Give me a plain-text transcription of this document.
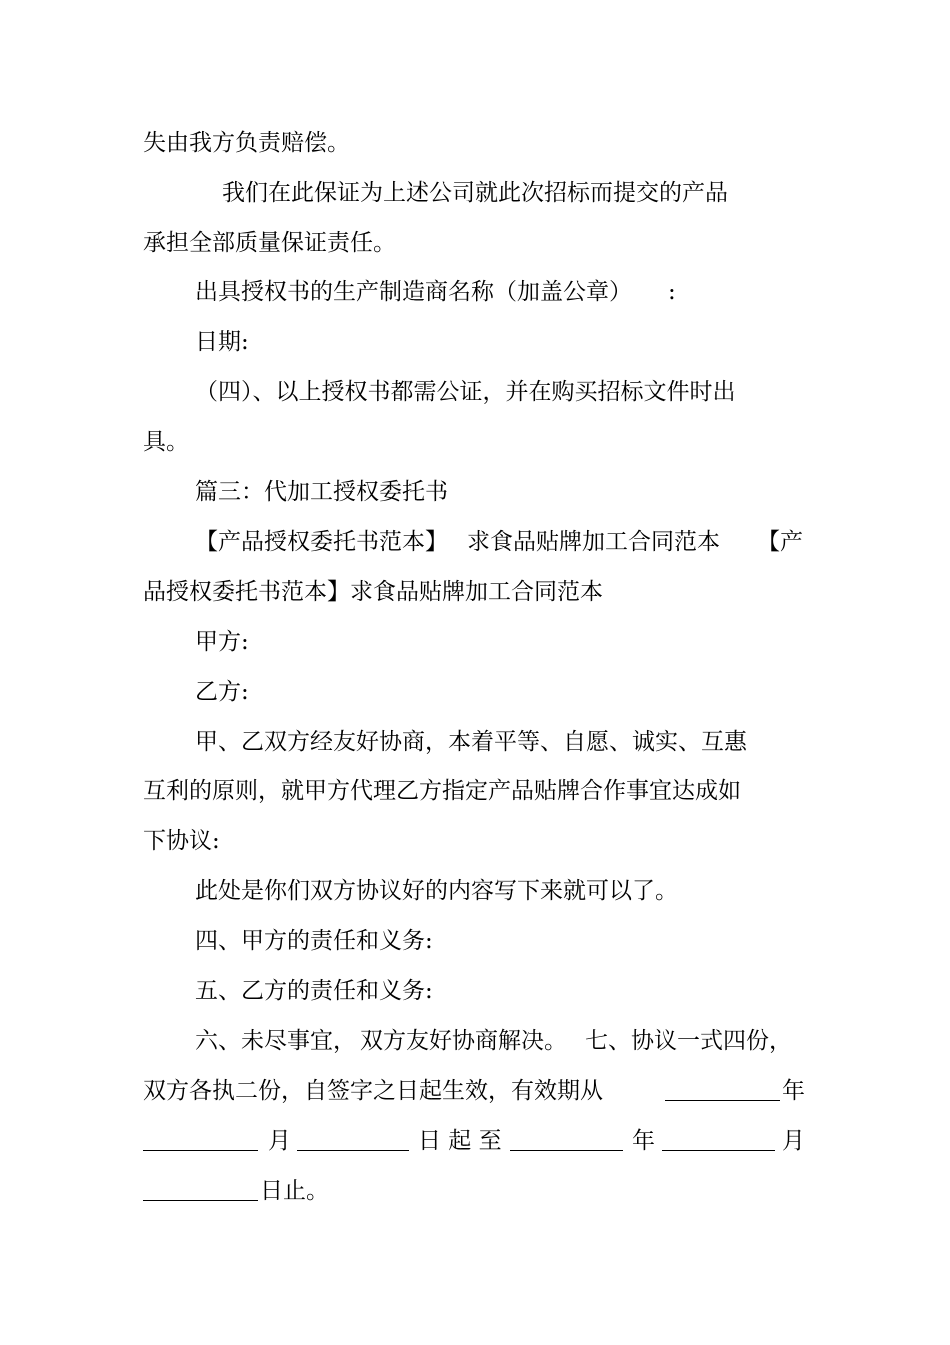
失由我方负责赔偿。
我们在此保证为上述公司就此次招标而提交的产品
承担全部质量保证责任。
出具授权书的生产制造商名称（加盖公章） :
日期:
（四）、以上授权书都需公证，并在购买招标文件时出
具。
篇三：代加工授权委托书
【产品授权委托书范本】 求食品贴牌加工合同范本 【产
品授权委托书范本】求食品贴牌加工合同范本
甲方:
乙方:
甲、乙双方经友好协商，本着平等、自愿、诚实、互惠
互利的原则，就甲方代理乙方指定产品贴牌合作事宜达成如
下协议:
此处是你们双方协议好的内容写下来就可以了。
四、甲方的责任和义务:
五、乙方的责任和义务:
六、未尽事宜， 双方友好协商解决。 七、协议一式四份，
双方各执二份，自签字之日起生效，有效期从	年
月	日 起 至	年	月
日止。
